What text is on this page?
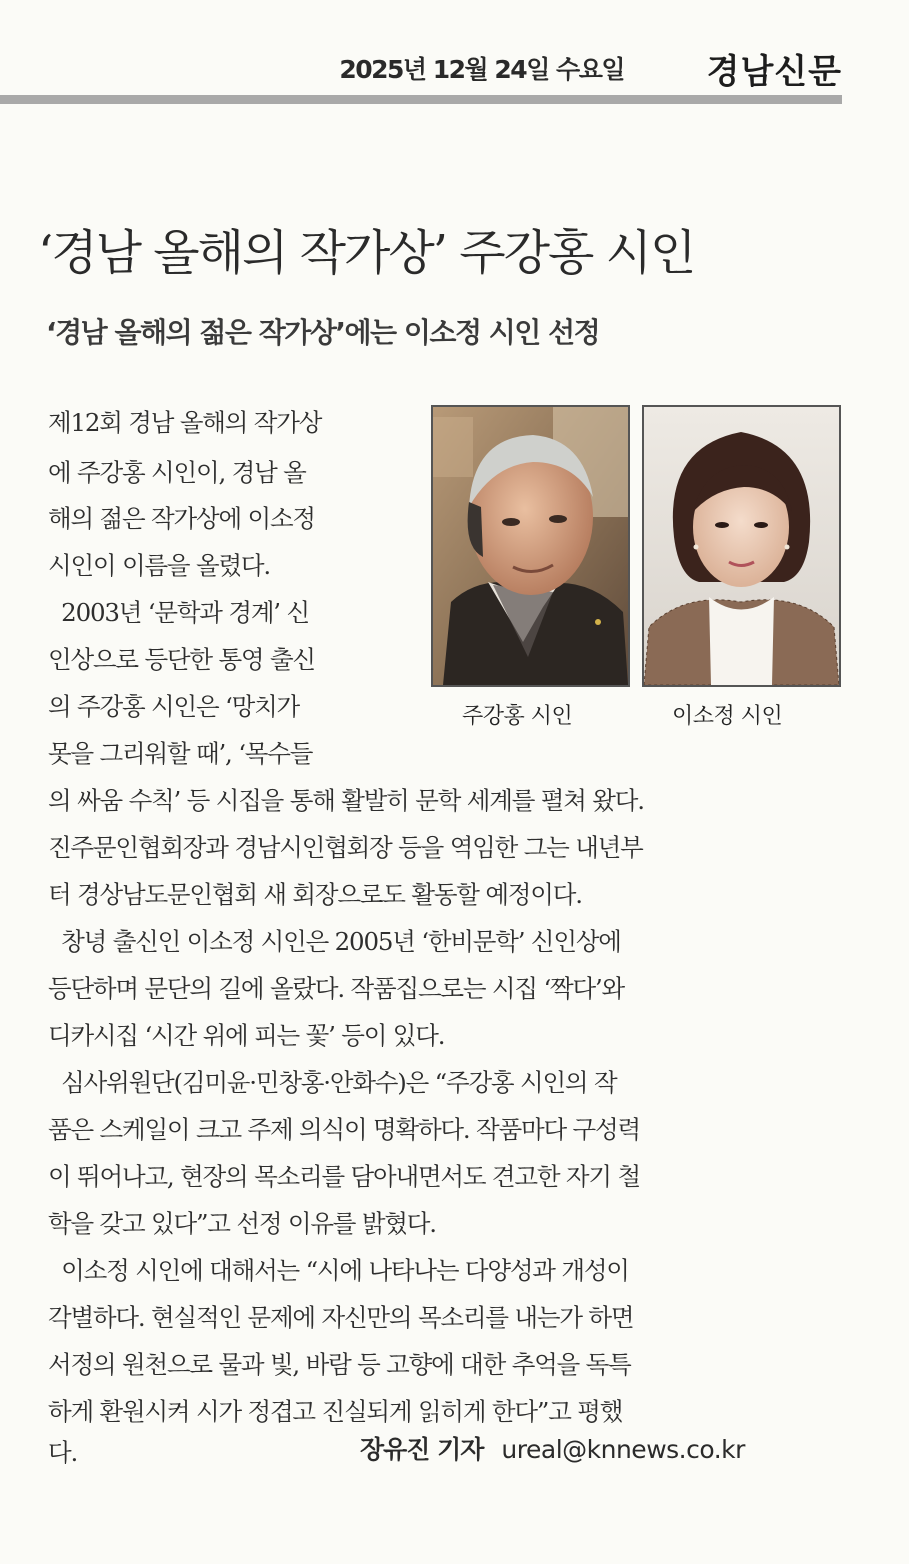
2025년 12월 24일 수요일 경남신문
‘경남 올해의 작가상’ 주강홍 시인
‘경남 올해의 젊은 작가상’에는 이소정 시인 선정
주강홍 시인	이소정 시인
제12회 경남 올해의 작가상
에 주강홍 시인이, 경남 올
해의 젊은 작가상에 이소정
시인이 이름을 올렸다.
2003년 ‘문학과 경계’ 신
인상으로 등단한 통영 출신
의 주강홍 시인은 ‘망치가
못을 그리워할 때’, ‘목수들
의 싸움 수칙’ 등 시집을 통해 활발히 문학 세계를 펼쳐 왔다.
진주문인협회장과 경남시인협회장 등을 역임한 그는 내년부
터 경상남도문인협회 새 회장으로도 활동할 예정이다.
창녕 출신인 이소정 시인은 2005년 ‘한비문학’ 신인상에
등단하며 문단의 길에 올랐다. 작품집으로는 시집 ‘짝다’와
디카시집 ‘시간 위에 피는 꽃’ 등이 있다.
심사위원단(김미윤·민창홍·안화수)은 “주강홍 시인의 작
품은 스케일이 크고 주제 의식이 명확하다. 작품마다 구성력
이 뛰어나고, 현장의 목소리를 담아내면서도 견고한 자기 철
학을 갖고 있다”고 선정 이유를 밝혔다.
이소정 시인에 대해서는 “시에 나타나는 다양성과 개성이
각별하다. 현실적인 문제에 자신만의 목소리를 내는가 하면
서정의 원천으로 물과 빛, 바람 등 고향에 대한 추억을 독특
하게 환원시켜 시가 정겹고 진실되게 읽히게 한다”고 평했
다.	장유진 기자 ureal@knnews.co.kr
